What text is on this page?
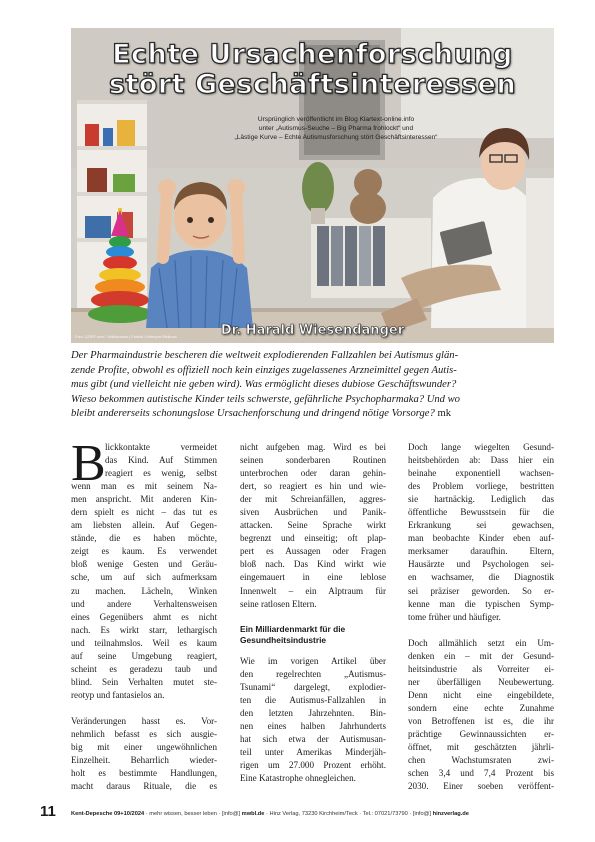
Echte Ursachenforschung
stört Geschäftsinteressen
Ursprünglich veröffentlicht im Blog Klartext-online.info
unter „Autismus-Seuche – Big Pharma frohlockt“ und
„Lästige Kurve – Echte Autismusforschung stört Geschäftsinteressen“
Dr. Harald Wiesendanger
Foto: 123RF.com / Vitalikrusses | Fotolia / Kateryna Bibikova
Der Pharmaindustrie bescheren die weltweit explodierenden Fallzahlen bei Autismus glän-
zende Profite, obwohl es offiziell noch kein einziges zugelassenes Arzneimittel gegen Autis-
mus gibt (und vielleicht nie geben wird). Was ermöglicht dieses dubiose Geschäftswunder?
Wieso bekommen autistische Kinder teils schwerste, gefährliche Psychopharmaka? Und wo
bleibt andererseits schonungslose Ursachenforschung und dringend nötige Vorsorge? mk
B lickkontakte vermeidet
das Kind. Auf Stimmen
reagiert es wenig, selbst
wenn man es mit seinem Na-
men anspricht. Mit anderen Kin-
dern spielt es nicht – das tut es
am liebsten allein. Auf Gegen-
stände, die es haben möchte,
zeigt es kaum. Es verwendet
bloß wenige Gesten und Geräu-
sche, um auf sich aufmerksam
zu machen. Lächeln, Winken
und andere Verhaltensweisen
eines Gegenübers ahmt es nicht
nach. Es wirkt starr, lethargisch
und teilnahmslos. Weil es kaum
auf seine Umgebung reagiert,
scheint es geradezu taub und
blind. Sein Verhalten mutet ste-
reotyp und fantasielos an.
Veränderungen hasst es. Vor-
nehmlich befasst es sich ausgie-
big mit einer ungewöhnlichen
Einzelheit. Beharrlich wieder-
holt es bestimmte Handlungen,
macht daraus Rituale, die es
nicht aufgeben mag. Wird es bei
seinen sonderbaren Routinen
unterbrochen oder daran gehin-
dert, so reagiert es hin und wie-
der mit Schreianfällen, aggres-
siven Ausbrüchen und Panik-
attacken. Seine Sprache wirkt
begrenzt und einseitig; oft plap-
pert es Aussagen oder Fragen
bloß nach. Das Kind wirkt wie
eingemauert in eine leblose
Innenwelt – ein Alptraum für
seine ratlosen Eltern.
Ein Milliardenmarkt für die
Gesundheitsindustrie
Wie im vorigen Artikel über
den regelrechten „Autismus-
Tsunami“ dargelegt, explodier-
ten die Autismus-Fallzahlen in
den letzten Jahrzehnten. Bin-
nen eines halben Jahrhunderts
hat sich etwa der Autismusan-
teil unter Amerikas Minderjäh-
rigen um 27.000 Prozent erhöht.
Eine Katastrophe ohnegleichen.
Doch lange wiegelten Gesund-
heitsbehörden ab: Dass hier ein
beinahe exponentiell wachsen-
des Problem vorliege, bestritten
sie hartnäckig. Lediglich das
öffentliche Bewusstsein für die
Erkrankung sei gewachsen,
man beobachte Kinder eben auf-
merksamer daraufhin. Eltern,
Hausärzte und Psychologen sei-
en wachsamer, die Diagnostik
sei präziser geworden. So er-
kenne man die typischen Symp-
tome früher und häufiger.
Doch allmählich setzt ein Um-
denken ein – mit der Gesund-
heitsindustrie als Vorreiter ei-
ner überfälligen Neubewertung.
Denn nicht eine eingebildete,
sondern eine echte Zunahme
von Betroffenen ist es, die ihr
prächtige Gewinnaussichten er-
öffnet, mit geschätzten jährli-
chen Wachstumsraten zwi-
schen 3,4 und 7,4 Prozent bis
2030. Einer soeben veröffent-
11	Kent-Depesche 09+10/2024 · mehr wissen, besser leben · [info@] mwbl.de · Hinz Verlag, 73230 Kirchheim/Teck · Tel.: 07021/73790 · [info@] hinzverlag.de
